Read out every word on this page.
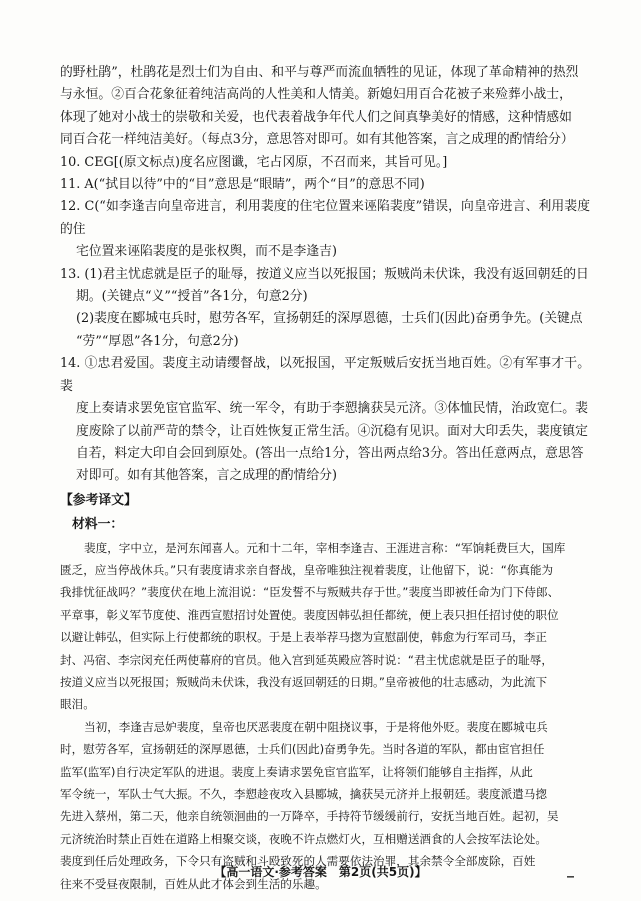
的野杜鹃”，杜鹃花是烈士们为自由、和平与尊严而流血牺牲的见证，体现了革命精神的热烈

与永恒。②百合花象征着纯洁高尚的人性美和人情美。新媳妇用百合花被子来殓葬小战士，

体现了她对小战士的崇敬和关爱，也代表着战争年代人们之间真挚美好的情感，这种情感如

同百合花一样纯洁美好。（每点3分，意思答对即可。如有其他答案，言之成理的酌情给分）

10. CEG[(原文标点)度名应图谶，宅占冈原，不召而来，其旨可见。]

11. A(“拭目以待”中的“目”意思是“眼睛”，两个“目”的意思不同)

12. C(“如李逢吉向皇帝进言，利用裴度的住宅位置来诬陷裴度”错误，向皇帝进言、利用裴度的住

宅位置来诬陷裴度的是张权舆，而不是李逢吉)

13. (1)君主忧虑就是臣子的耻辱，按道义应当以死报国；叛贼尚未伏诛，我没有返回朝廷的日

期。(关键点“义”“授首”各1分，句意2分)

(2)裴度在郾城屯兵时，慰劳各军，宣扬朝廷的深厚恩德，士兵们(因此)奋勇争先。(关键点

“劳”“厚恩”各1分，句意2分)

14. ①忠君爱国。裴度主动请缨督战，以死报国，平定叛贼后安抚当地百姓。②有军事才干。裴

度上奏请求罢免宦官监军、统一军令，有助于李愬擒获吴元济。③体恤民情，治政宽仁。裴

度废除了以前严苛的禁令，让百姓恢复正常生活。④沉稳有见识。面对大印丢失，裴度镇定

自若，料定大印自会回到原处。(答出一点给1分，答出两点给3分。答出任意两点，意思答

对即可。如有其他答案，言之成理的酌情给分)

【参考译文】

材料一：

裴度，字中立，是河东闻喜人。元和十二年，宰相李逢吉、王涯进言称：“军饷耗费巨大，国库

匮乏，应当停战休兵。”只有裴度请求亲自督战，皇帝唯独注视着裴度，让他留下，说：“你真能为

我排忧征战吗？”裴度伏在地上流泪说：“臣发誓不与叛贼共存于世。”裴度当即被任命为门下侍郎、

平章事，彰义军节度使、淮西宣慰招讨处置使。裴度因韩弘担任都统，便上表只担任招讨使的职位

以避让韩弘，但实际上行使都统的职权。于是上表举荐马揔为宣慰副使，韩愈为行军司马，李正

封、冯宿、李宗闵充任两使幕府的官员。他入宫到延英殿应答时说：“君主忧虑就是臣子的耻辱，

按道义应当以死报国；叛贼尚未伏诛，我没有返回朝廷的日期。”皇帝被他的壮志感动，为此流下

眼泪。

当初，李逢吉忌妒裴度，皇帝也厌恶裴度在朝中阻挠议事，于是将他外贬。裴度在郾城屯兵

时，慰劳各军，宣扬朝廷的深厚恩德，士兵们(因此)奋勇争先。当时各道的军队，都由宦官担任

监军(监军)自行决定军队的进退。裴度上奏请求罢免宦官监军，让将领们能够自主指挥，从此

军令统一，军队士气大振。不久，李愬趁夜攻入县郾城，擒获吴元济并上报朝廷。裴度派遣马揔

先进入蔡州，第二天，他亲自统领洄曲的一万降卒，手持符节缓缓前行，安抚当地百姓。起初，吴

元济统治时禁止百姓在道路上相聚交谈，夜晚不许点燃灯火，互相赠送酒食的人会按军法论处。

裴度到任后处理政务，下令只有盗贼和斗殴致死的人需要依法治罪，其余禁令全部废除，百姓

往来不受昼夜限制，百姓从此才体会到生活的乐趣。

【高一语文·参考答案　第2页(共5页)】	_
